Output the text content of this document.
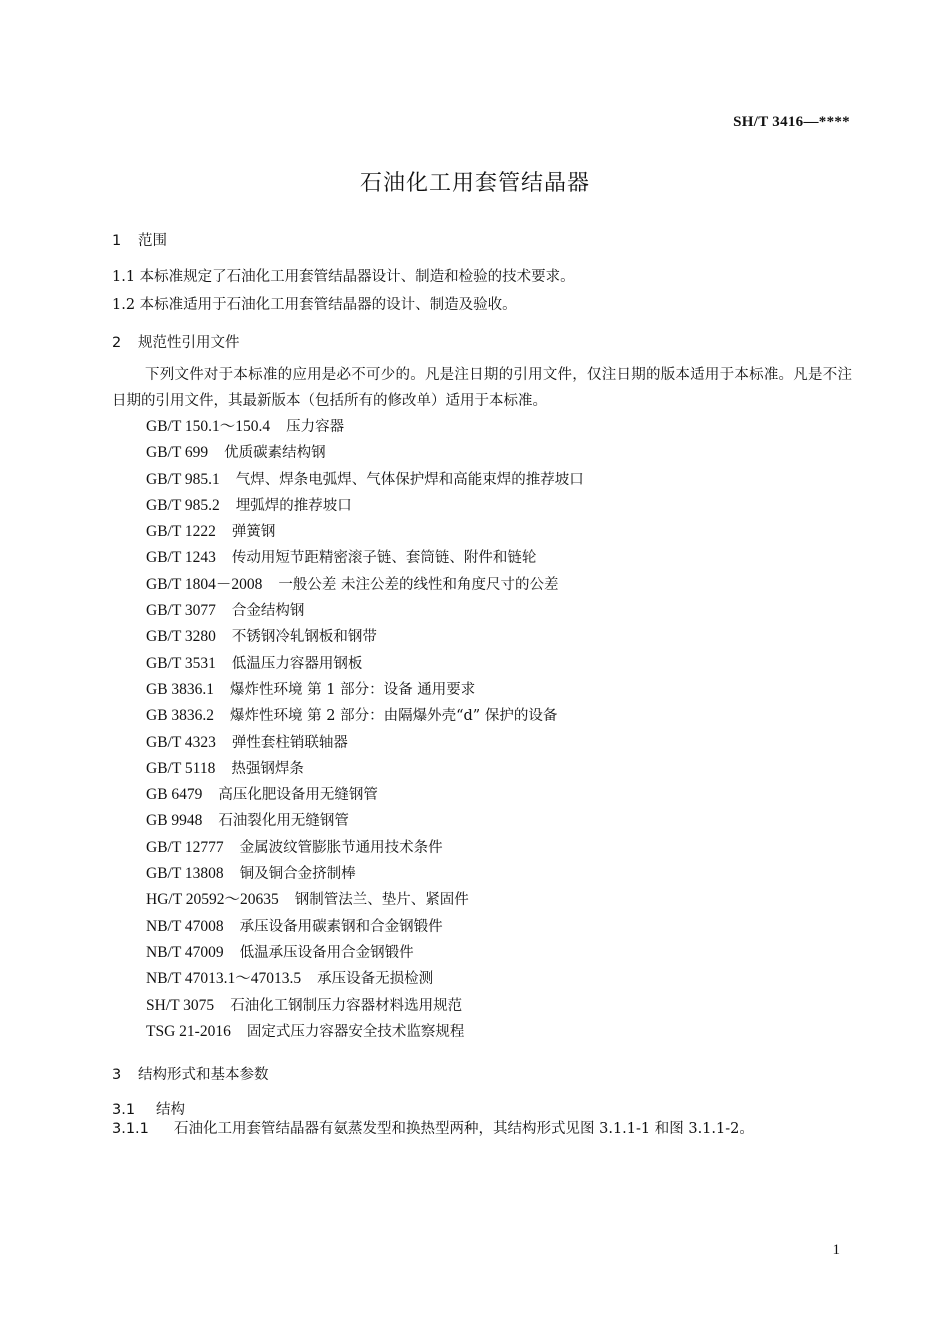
SH/T 3416—****
石油化工用套管结晶器
1 范围
1.1 本标准规定了石油化工用套管结晶器设计、制造和检验的技术要求。
1.2 本标准适用于石油化工用套管结晶器的设计、制造及验收。
2 规范性引用文件
下列文件对于本标准的应用是必不可少的。凡是注日期的引用文件，仅注日期的版本适用于本标准。凡是不注日期的引用文件，其最新版本（包括所有的修改单）适用于本标准。
GB/T 150.1～150.4 压力容器
GB/T 699 优质碳素结构钢
GB/T 985.1 气焊、焊条电弧焊、气体保护焊和高能束焊的推荐坡口
GB/T 985.2 埋弧焊的推荐坡口
GB/T 1222 弹簧钢
GB/T 1243 传动用短节距精密滚子链、套筒链、附件和链轮
GB/T 1804－2008 一般公差 未注公差的线性和角度尺寸的公差
GB/T 3077 合金结构钢
GB/T 3280 不锈钢冷轧钢板和钢带
GB/T 3531 低温压力容器用钢板
GB 3836.1 爆炸性环境 第 1 部分：设备 通用要求
GB 3836.2 爆炸性环境 第 2 部分：由隔爆外壳“d” 保护的设备
GB/T 4323 弹性套柱销联轴器
GB/T 5118 热强钢焊条
GB 6479 高压化肥设备用无缝钢管
GB 9948 石油裂化用无缝钢管
GB/T 12777 金属波纹管膨胀节通用技术条件
GB/T 13808 铜及铜合金挤制棒
HG/T 20592～20635 钢制管法兰、垫片、紧固件
NB/T 47008 承压设备用碳素钢和合金钢锻件
NB/T 47009 低温承压设备用合金钢锻件
NB/T 47013.1～47013.5 承压设备无损检测
SH/T 3075 石油化工钢制压力容器材料选用规范
TSG 21-2016 固定式压力容器安全技术监察规程
3 结构形式和基本参数
3.1 结构
3.1.1 石油化工用套管结晶器有氨蒸发型和换热型两种，其结构形式见图 3.1.1-1 和图 3.1.1-2。
1
